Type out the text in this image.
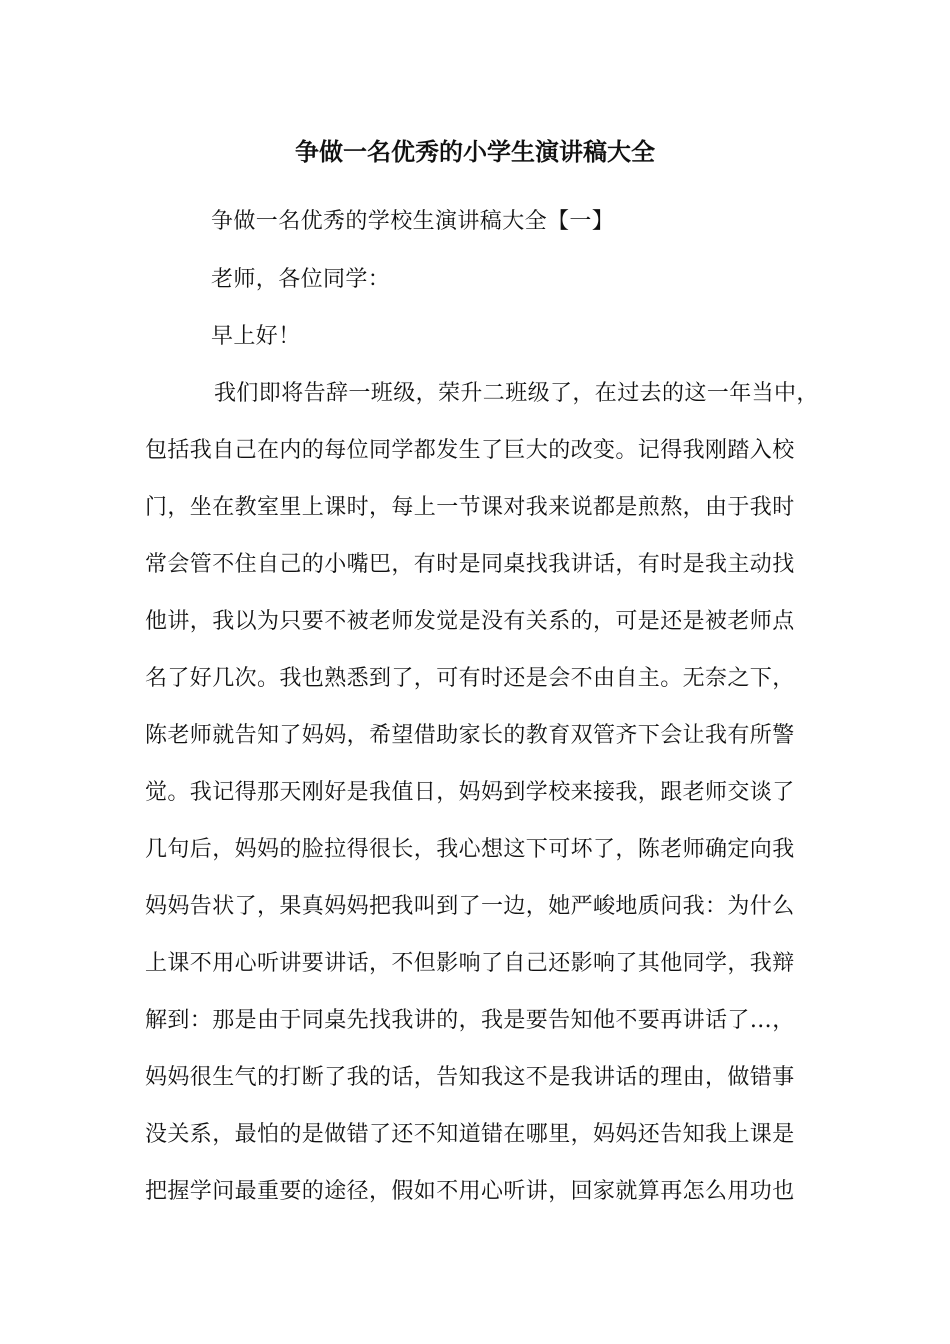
争做一名优秀的小学生演讲稿大全
争做一名优秀的学校生演讲稿大全【一】
老师，各位同学：
早上好！
我们即将告辞一班级，荣升二班级了，在过去的这一年当中，
包括我自己在内的每位同学都发生了巨大的改变。记得我刚踏入校
门，坐在教室里上课时，每上一节课对我来说都是煎熬，由于我时
常会管不住自己的小嘴巴，有时是同桌找我讲话，有时是我主动找
他讲，我以为只要不被老师发觉是没有关系的，可是还是被老师点
名了好几次。我也熟悉到了，可有时还是会不由自主。无奈之下，
陈老师就告知了妈妈，希望借助家长的教育双管齐下会让我有所警
觉。我记得那天刚好是我值日，妈妈到学校来接我，跟老师交谈了
几句后，妈妈的脸拉得很长，我心想这下可坏了，陈老师确定向我
妈妈告状了，果真妈妈把我叫到了一边，她严峻地质问我：为什么
上课不用心听讲要讲话，不但影响了自己还影响了其他同学，我辩
解到：那是由于同桌先找我讲的，我是要告知他不要再讲话了…，
妈妈很生气的打断了我的话，告知我这不是我讲话的理由，做错事
没关系，最怕的是做错了还不知道错在哪里，妈妈还告知我上课是
把握学问最重要的途径，假如不用心听讲，回家就算再怎么用功也
